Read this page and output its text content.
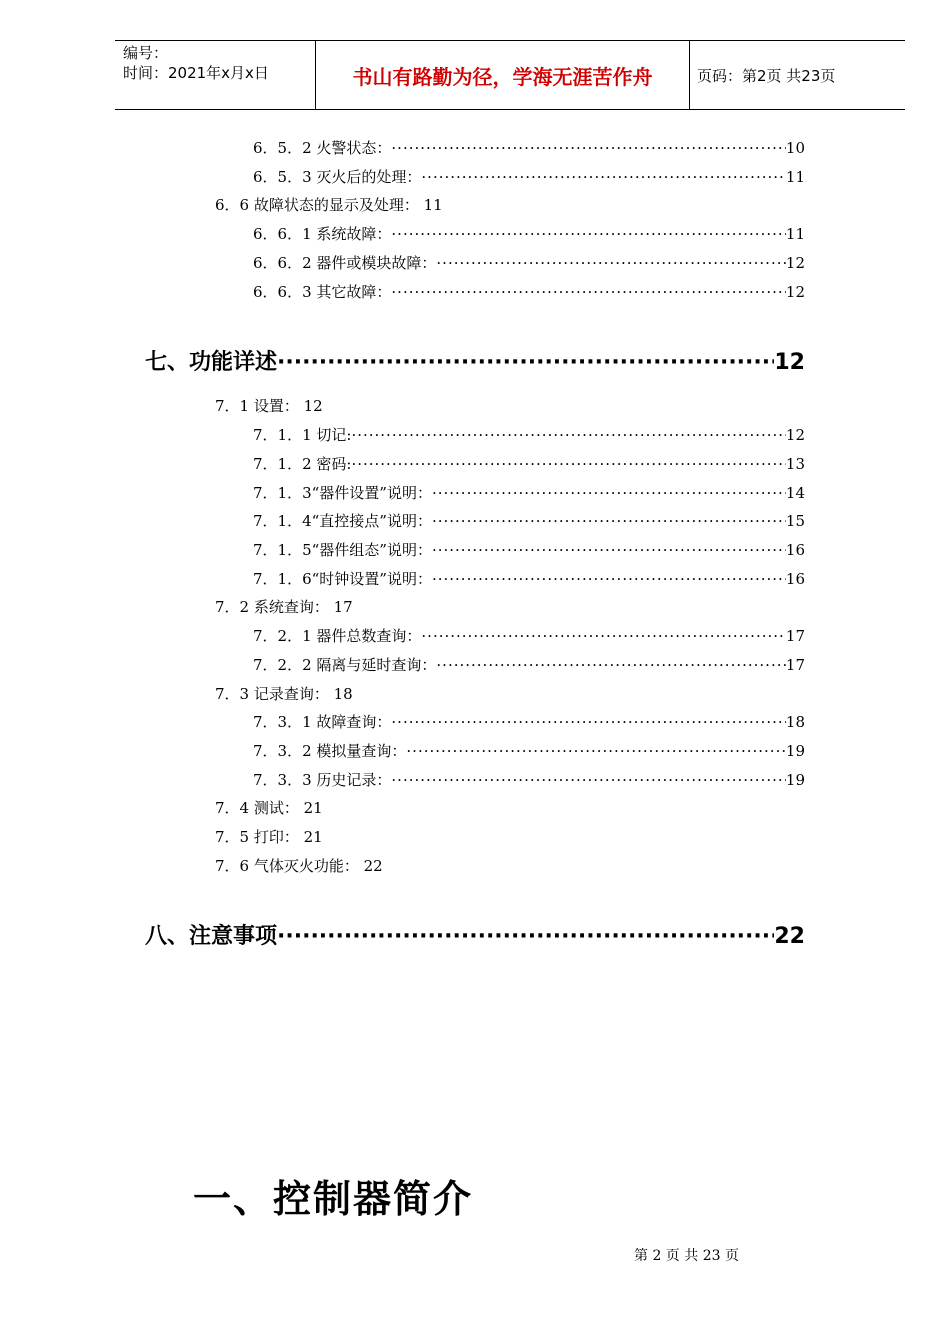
编号：
时间：2021年x月x日	书山有路勤为径，学海无涯苦作舟	页码：第2页 共23页
6．5．2 火警状态： ·····	10
6．5．3 灭火后的处理： ·····	11
6．6 故障状态的显示及处理： 11
6．6．1 系统故障： ·····	11
6．6．2 器件或模块故障： ·····	12
6．6．3 其它故障： ·····	12
七、功能详述 ·····	12
7．1 设置： 12
7．1．1 切记: ·····	12
7．1．2 密码: ·····	13
7．1．3“器件设置”说明： ·····	14
7．1．4“直控接点”说明： ·····	15
7．1．5“器件组态”说明： ·····	16
7．1．6“时钟设置”说明： ·····	16
7．2 系统查询： 17
7．2．1 器件总数查询： ·····	17
7．2．2 隔离与延时查询： ·····	17
7．3 记录查询： 18
7．3．1 故障查询： ·····	18
7．3．2 模拟量查询： ·····	19
7．3．3 历史记录： ·····	19
7．4 测试： 21
7．5 打印： 21
7．6 气体灭火功能： 22
八、注意事项 ·····	22
一、控制器简介
第 2 页 共 23 页
